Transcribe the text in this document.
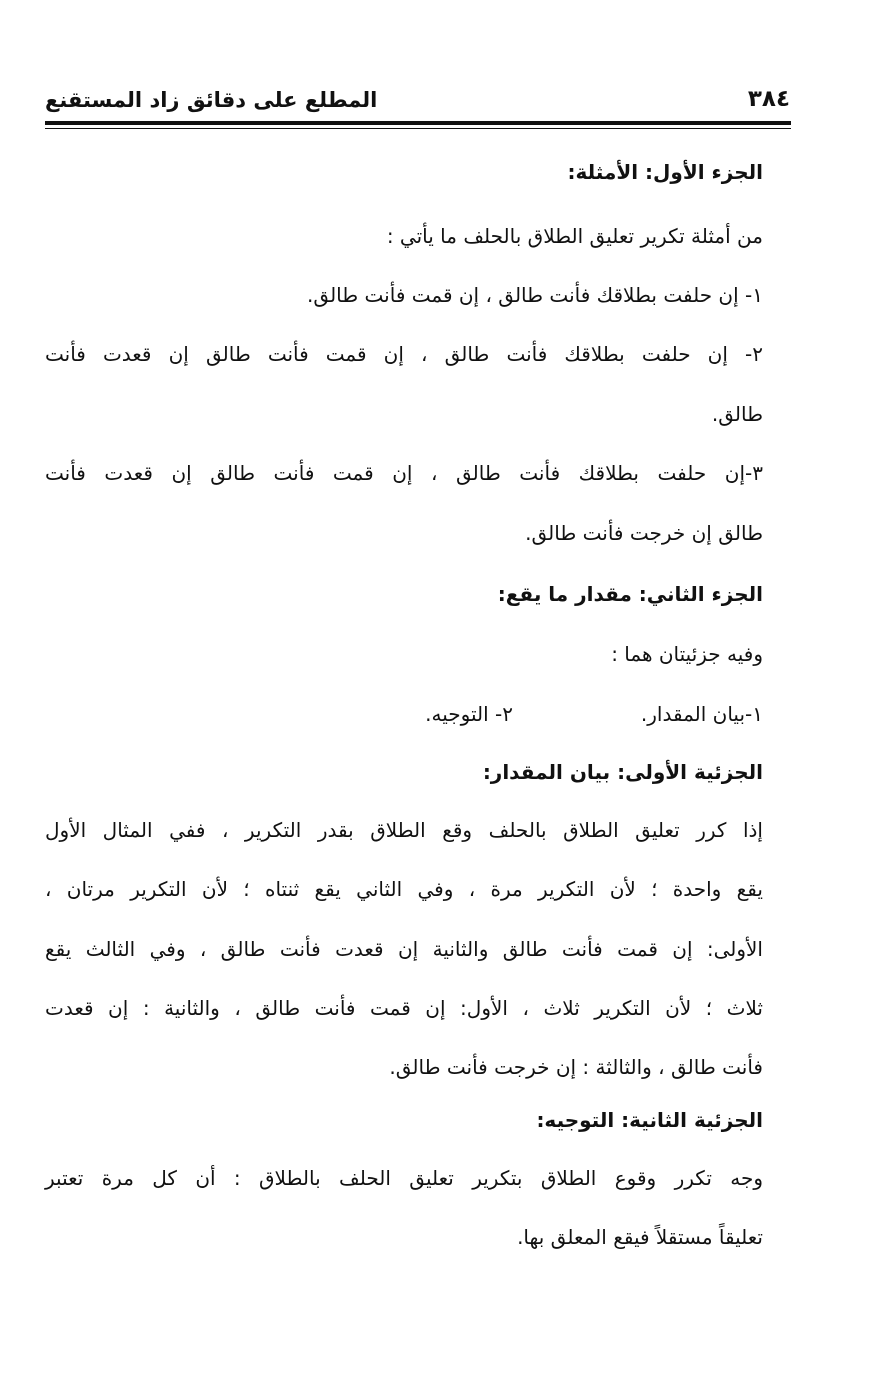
٣٨٤
المطلع على دقائق زاد المستقنع
الجزء الأول: الأمثلة:
من أمثلة تكرير تعليق الطلاق بالحلف ما يأتي :
١- إن حلفت بطلاقك فأنت طالق ، إن قمت فأنت طالق.
٢- إن حلفت بطلاقك فأنت طالق ، إن قمت فأنت طالق إن قعدت فأنت
طالق.
٣-إن حلفت بطلاقك فأنت طالق ، إن قمت فأنت طالق إن قعدت فأنت
طالق إن خرجت فأنت طالق.
الجزء الثاني: مقدار ما يقع:
وفيه جزئيتان هما :
١-بيان المقدار.
٢- التوجيه.
الجزئية الأولى: بيان المقدار:
إذا كرر تعليق الطلاق بالحلف وقع الطلاق بقدر التكرير ، ففي المثال الأول
يقع واحدة ؛ لأن التكرير مرة ، وفي الثاني يقع ثنتاه ؛ لأن التكرير مرتان ،
الأولى: إن قمت فأنت طالق والثانية إن قعدت فأنت طالق ، وفي الثالث يقع
ثلاث ؛ لأن التكرير ثلاث ، الأول: إن قمت فأنت طالق ، والثانية : إن قعدت
فأنت طالق ، والثالثة : إن خرجت فأنت طالق.
الجزئية الثانية: التوجيه:
وجه تكرر وقوع الطلاق بتكرير تعليق الحلف بالطلاق : أن كل مرة تعتبر
تعليقاً مستقلاً فيقع المعلق بها.
